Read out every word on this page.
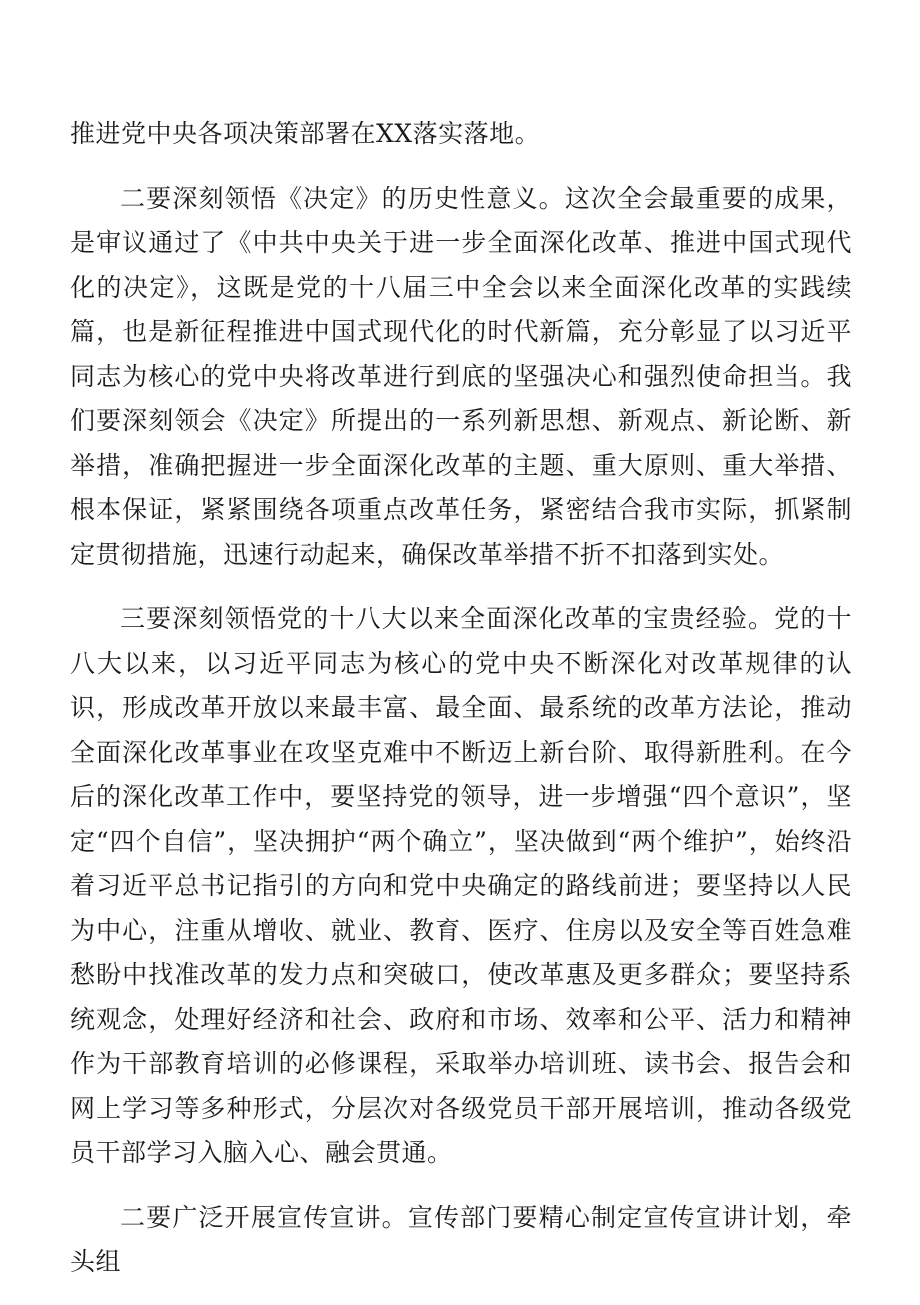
推进党中央各项决策部署在XX落实落地。

二要深刻领悟《决定》的历史性意义。这次全会最重要的成果，是审议通过了《中共中央关于进一步全面深化改革、推进中国式现代化的决定》，这既是党的十八届三中全会以来全面深化改革的实践续篇，也是新征程推进中国式现代化的时代新篇，充分彰显了以习近平同志为核心的党中央将改革进行到底的坚强决心和强烈使命担当。我们要深刻领会《决定》所提出的一系列新思想、新观点、新论断、新举措，准确把握进一步全面深化改革的主题、重大原则、重大举措、根本保证，紧紧围绕各项重点改革任务，紧密结合我市实际，抓紧制定贯彻措施，迅速行动起来，确保改革举措不折不扣落到实处。

三要深刻领悟党的十八大以来全面深化改革的宝贵经验。党的十八大以来，以习近平同志为核心的党中央不断深化对改革规律的认识，形成改革开放以来最丰富、最全面、最系统的改革方法论，推动全面深化改革事业在攻坚克难中不断迈上新台阶、取得新胜利。在今后的深化改革工作中，要坚持党的领导，进一步增强“四个意识”，坚定“四个自信”，坚决拥护“两个确立”，坚决做到“两个维护”，始终沿着习近平总书记指引的方向和党中央确定的路线前进；要坚持以人民为中心，注重从增收、就业、教育、医疗、住房以及安全等百姓急难愁盼中找准改革的发力点和突破口，使改革惠及更多群众；要坚持系统观念，处理好经济和社会、政府和市场、效率和公平、活力和精神作为干部教育培训的必修课程，采取举办培训班、读书会、报告会和网上学习等多种形式，分层次对各级党员干部开展培训，推动各级党员干部学习入脑入心、融会贯通。

二要广泛开展宣传宣讲。宣传部门要精心制定宣传宣讲计划，牵头组
